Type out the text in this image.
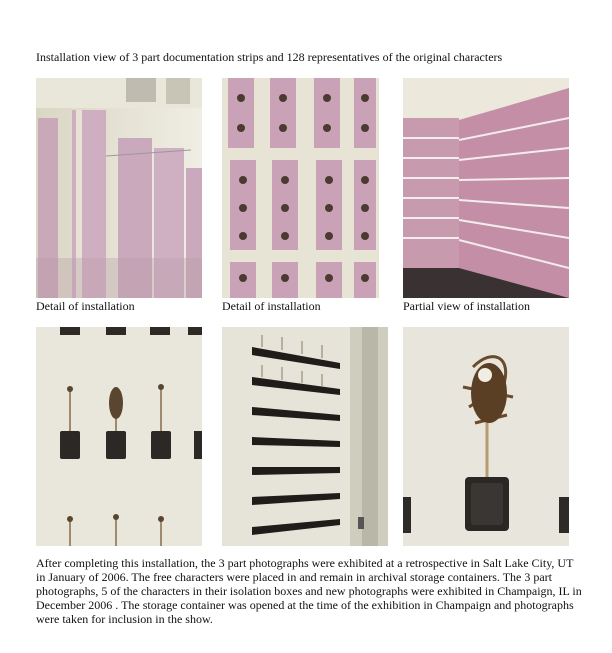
Installation view of 3 part documentation strips and 128 representatives of the original characters
Detail of installation	Detail of installation	Partial view of installation
After completing this installation, the 3 part photographs were exhibited at a retrospective in Salt Lake City, UT in January of 2006. The free characters were placed in and remain in archival storage containers. The 3 part photographs, 5 of the characters in their isolation boxes and new photographs were exhibited in Champaign, IL in December 2006 . The storage container was opened at the time of the exhibition in Champaign and photographs were taken for inclusion in the show.
